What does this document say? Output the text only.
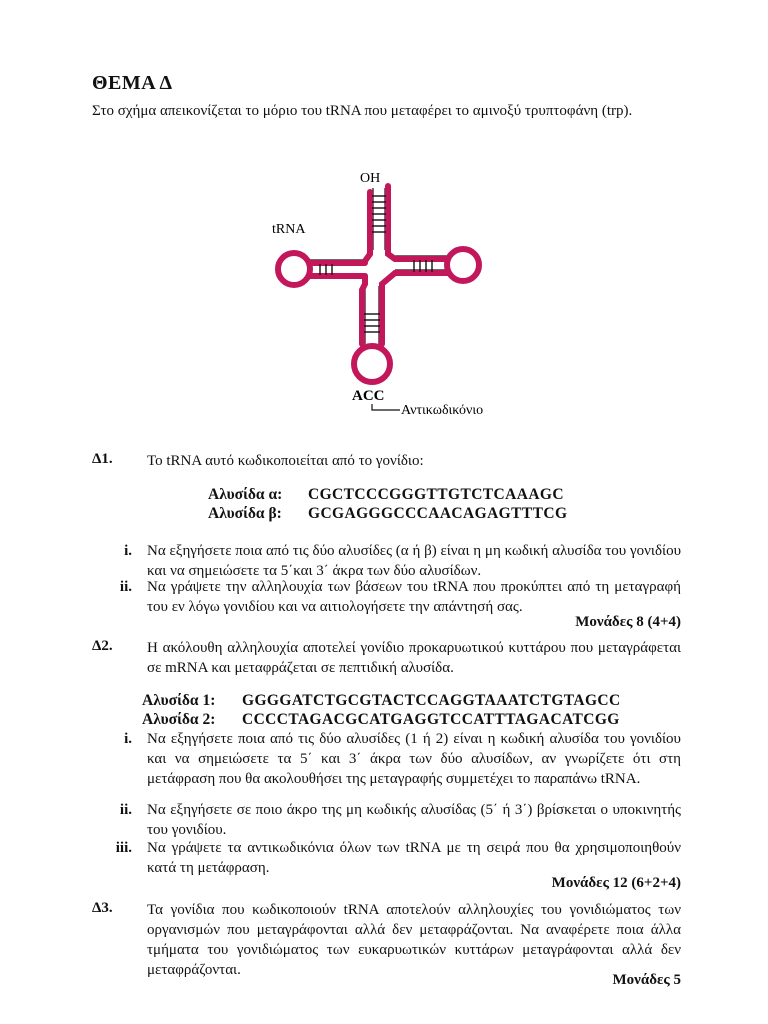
ΘΕΜΑ Δ
Στο σχήμα απεικονίζεται το μόριο του tRNA που μεταφέρει το αμινοξύ τρυπτοφάνη (trp).
OH
tRNA
ACC
Αντικωδικόνιο
Δ1. Το tRNA αυτό κωδικοποιείται από το γονίδιο:
Αλυσίδα α: CGCTCCCGGGTTGTCTCAAAGC
Αλυσίδα β: GCGAGGGCCCAACAGAGTTTCG
i. Να εξηγήσετε ποια από τις δύο αλυσίδες (α ή β) είναι η μη κωδική αλυσίδα του γονιδίου και να σημειώσετε τα 5΄και 3΄ άκρα των δύο αλυσίδων.
ii. Να γράψετε την αλληλουχία των βάσεων του tRNA που προκύπτει από τη μεταγραφή του εν λόγω γονιδίου και να αιτιολογήσετε την απάντησή σας.
Μονάδες 8 (4+4)
Δ2. Η ακόλουθη αλληλουχία αποτελεί γονίδιο προκαρυωτικού κυττάρου που μεταγράφεται σε mRNA και μεταφράζεται σε πεπτιδική αλυσίδα.
Αλυσίδα 1: GGGGATCTGCGTACTCCAGGTAAATCTGTAGCC
Αλυσίδα 2: CCCCTAGACGCATGAGGTCCATTTAGACATCGG
i. Να εξηγήσετε ποια από τις δύο αλυσίδες (1 ή 2) είναι η κωδική αλυσίδα του γονιδίου και να σημειώσετε τα 5΄ και 3΄ άκρα των δύο αλυσίδων, αν γνωρίζετε ότι στη μετάφραση που θα ακολουθήσει της μεταγραφής συμμετέχει το παραπάνω tRNA.
ii. Να εξηγήσετε σε ποιο άκρο της μη κωδικής αλυσίδας (5΄ ή 3΄) βρίσκεται ο υποκινητής του γονιδίου.
iii. Να γράψετε τα αντικωδικόνια όλων των tRNA με τη σειρά που θα χρησιμοποιηθούν κατά τη μετάφραση.
Μονάδες 12 (6+2+4)
Δ3. Τα γονίδια που κωδικοποιούν tRNA αποτελούν αλληλουχίες του γονιδιώματος των οργανισμών που μεταγράφονται αλλά δεν μεταφράζονται. Να αναφέρετε ποια άλλα τμήματα του γονιδιώματος των ευκαρυωτικών κυττάρων μεταγράφονται αλλά δεν μεταφράζονται.
Μονάδες 5
